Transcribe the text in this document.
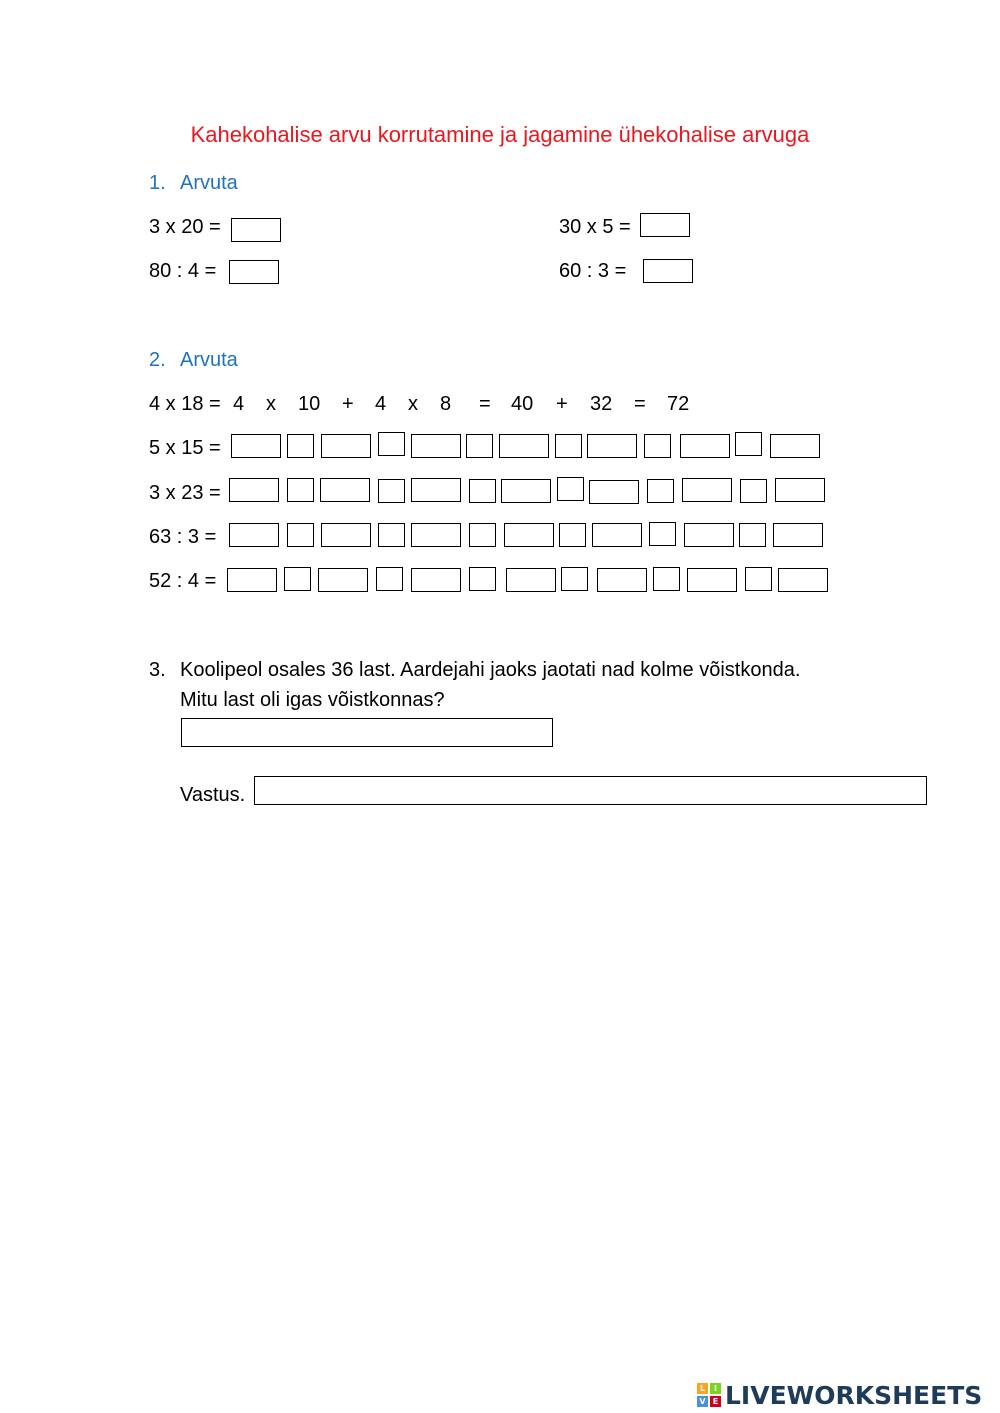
Kahekohalise arvu korrutamine ja jagamine ühekohalise arvuga
1. Arvuta
3 x 20 =	30 x 5 =
80 : 4 =	60 : 3 =
2. Arvuta
4 x 18 = 4 x 10 + 4 x 8 = 40 + 32 = 72
5 x 15 =
3 x 23 =
63 : 3 =
52 : 4 =
3. Koolipeol osales 36 last. Aardejahi jaoks jaotati nad kolme võistkonda.
Mitu last oli igas võistkonnas?
Vastus.
L	I
V E LIVEWORKSHEETS
